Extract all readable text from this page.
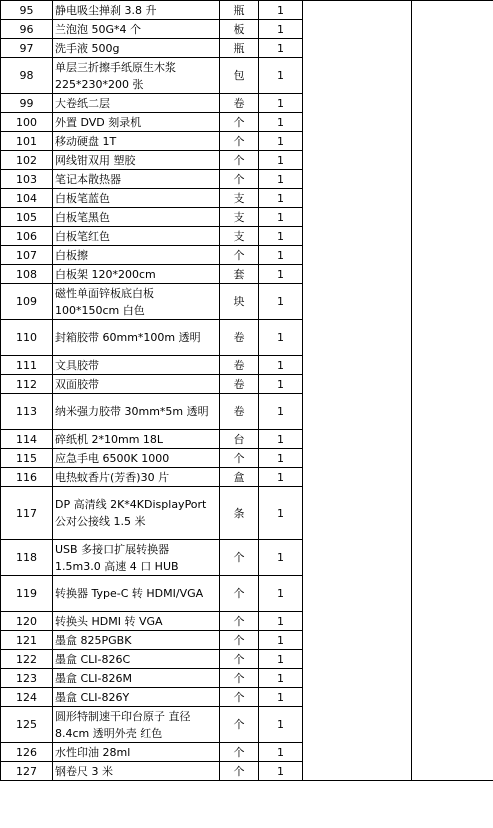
95	静电吸尘掸刹 3.8 升	瓶	1		
96	兰泡泡 50G*4 个	板	1		
97	洗手液 500g	瓶	1		
98	单层三折擦手纸原生木浆 225*230*200 张	包	1		
99	大卷纸二层	卷	1		
100	外置 DVD 刻录机	个	1		
101	移动硬盘 1T	个	1		
102	网线钳双用 塑胶	个	1		
103	笔记本散热器	个	1		
104	白板笔蓝色	支	1		
105	白板笔黑色	支	1		
106	白板笔红色	支	1		
107	白板擦	个	1		
108	白板架 120*200cm	套	1		
109	磁性单面锌板底白板 100*150cm 白色	块	1		
110	封箱胶带 60mm*100m 透明	卷	1		
111	文具胶带	卷	1		
112	双面胶带	卷	1		
113	纳米强力胶带 30mm*5m 透明	卷	1		
114	碎纸机 2*10mm 18L	台	1		
115	应急手电 6500K 1000	个	1		
116	电热蚊香片(芳香)30 片	盒	1		
117	DP 高清线 2K*4KDisplayPort 公对公接线 1.5 米	条	1		
118	USB 多接口扩展转换器 1.5m3.0 高速 4 口 HUB	个	1		
119	转换器 Type-C 转 HDMI/VGA	个	1		
120	转换头 HDMI 转 VGA	个	1		
121	墨盒 825PGBK	个	1		
122	墨盒 CLI-826C	个	1		
123	墨盒 CLI-826M	个	1		
124	墨盒 CLI-826Y	个	1		
125	圆形特制速干印台原子 直径 8.4cm 透明外壳 红色	个	1		
126	水性印油 28ml	个	1		
127	钢卷尺 3 米	个	1		
